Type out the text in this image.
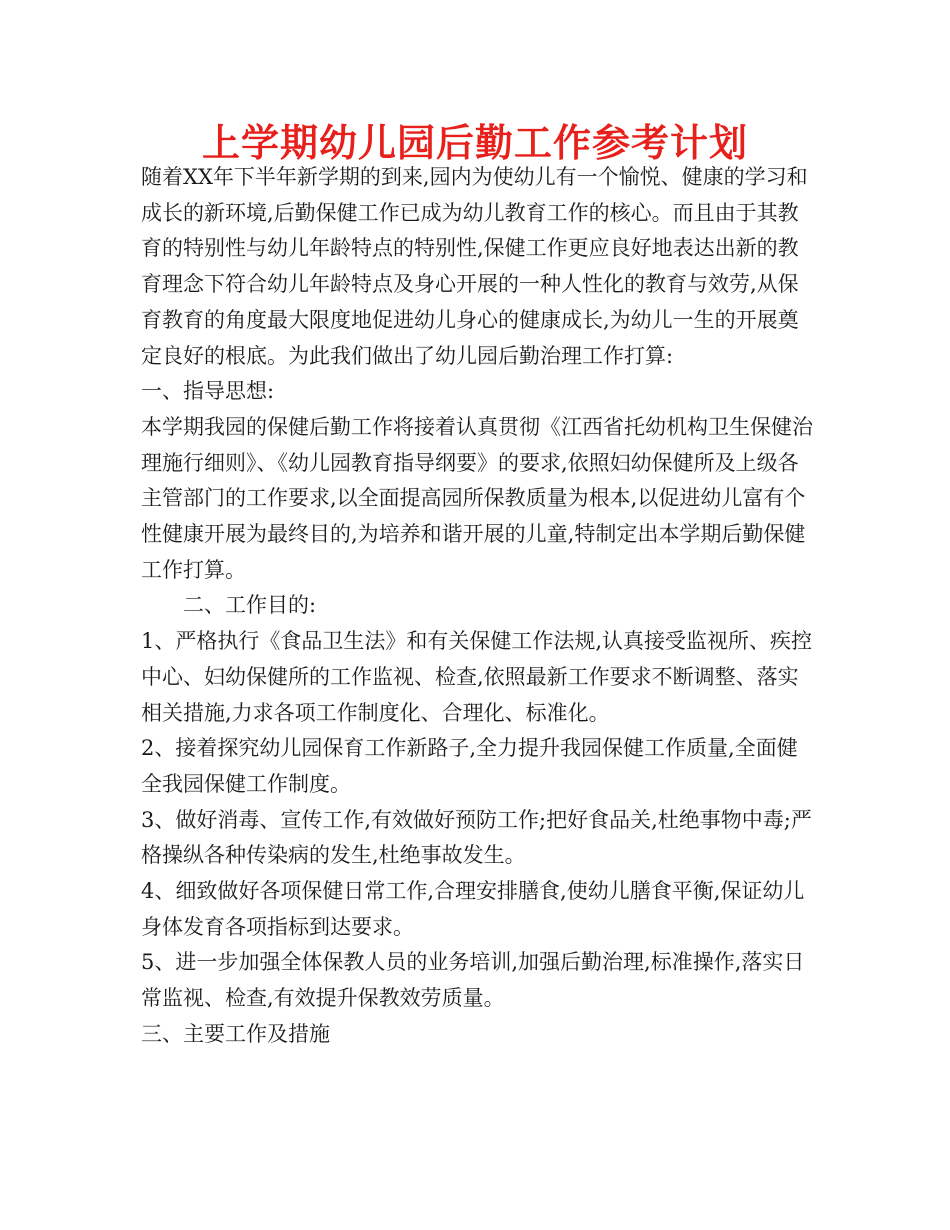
上学期幼儿园后勤工作参考计划

随着XX年下半年新学期的到来,园内为使幼儿有一个愉悦、健康的学习和成长的新环境,后勤保健工作已成为幼儿教育工作的核心。而且由于其教育的特别性与幼儿年龄特点的特别性,保健工作更应良好地表达出新的教育理念下符合幼儿年龄特点及身心开展的一种人性化的教育与效劳,从保育教育的角度最大限度地促进幼儿身心的健康成长,为幼儿一生的开展奠定良好的根底。为此我们做出了幼儿园后勤治理工作打算:

一、指导思想:

本学期我园的保健后勤工作将接着认真贯彻《江西省托幼机构卫生保健治理施行细则》、《幼儿园教育指导纲要》的要求,依照妇幼保健所及上级各主管部门的工作要求,以全面提高园所保教质量为根本,以促进幼儿富有个性健康开展为最终目的,为培养和谐开展的儿童,特制定出本学期后勤保健工作打算。

二、工作目的:

1、严格执行《食品卫生法》和有关保健工作法规,认真接受监视所、疾控中心、妇幼保健所的工作监视、检查,依照最新工作要求不断调整、落实相关措施,力求各项工作制度化、合理化、标准化。

2、接着探究幼儿园保育工作新路子,全力提升我园保健工作质量,全面健全我园保健工作制度。

3、做好消毒、宣传工作,有效做好预防工作;把好食品关,杜绝事物中毒;严格操纵各种传染病的发生,杜绝事故发生。

4、细致做好各项保健日常工作,合理安排膳食,使幼儿膳食平衡,保证幼儿身体发育各项指标到达要求。

5、进一步加强全体保教人员的业务培训,加强后勤治理,标准操作,落实日常监视、检查,有效提升保教效劳质量。

三、主要工作及措施
